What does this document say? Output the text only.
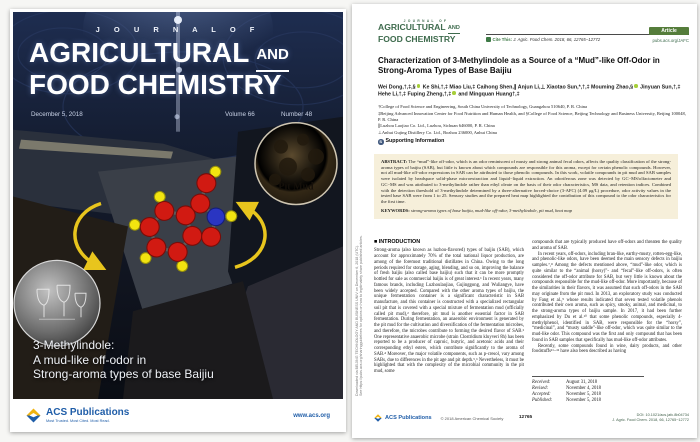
Pit Mud
J O U R N A L O F
AGRICULTURAL AND
FOOD CHEMISTRY
December 5, 2018	Volume 66	Number 48
3-Methylindole:
A mud-like off-odor in
Strong-aroma types of base Baijiu
ACS Publications
Most Trusted. Most Cited. Most Read.
www.acs.org
Downloaded via BEIJING TECHNOLOGY AND BUSINESS UNIV on December 6, 2018 (UTC). See https://pubs.acs.org/sharingguidelines for options on how to legitimately share published articles.
JOURNAL OF
AGRICULTURAL AND
FOOD CHEMISTRY	Cite This: J. Agric. Food Chem. 2018, 66, 12765−12772
Article
pubs.acs.org/JAFC
Characterization of 3-Methylindole as a Source of a “Mud”-like Off-Odor in Strong-Aroma Types of Base Baijiu
Wei Dong,†,‡,§ Ke Shi,†,‡ Miao Liu,‡ Caihong Shen,∥ Anjun Li,⊥ Xiaotao Sun,*,†,‡ Mouming Zhao,§ Jinyuan Sun,†,‡ Hehe Li,†,‡ Fuping Zheng,†,‡ and Mingquan Huang†,‡
†College of Food Science and Engineering, South China University of Technology, Guangzhou 510640, P. R. China
‡Beijing Advanced Innovation Center for Food Nutrition and Human Health, and §College of Food Science, Beijing Technology and Business University, Beijing 100048, P. R. China
∥Luzhou Laojiao Co. Ltd., Luzhou, Sichuan 646000, P. R. China
⊥Anhui Gujing Distillery Co. Ltd., Bozhou 236000, Anhui China
S Supporting Information
ABSTRACT: The “mud”-like off-odor, which is an odor reminiscent of musty and strong animal fecal odors, affects the quality classification of the strong-aroma types of baijiu (SAB), but little is known about which compounds are responsible for this aroma, except for certain phenolic compounds. However, not all mud-like off-odor expressions in SAB can be attributed to those phenolic compounds. In this work, volatile compounds in pit mud and SAB samples were isolated by headspace solid-phase microextraction and liquid−liquid extraction. An odoriferous zone was detected by GC−MS/olfactometer and GC−MS and was attributed to 3-methylindole rather than ethyl oleate on the basis of their odor characteristics, MS data, and retention indices. Combined with the detection threshold of 3-methylindole determined by a three-alternative forced-choice (3-AFC) (4.09 μg/L) procedure, odor activity values in the tested base SAB were from 1 to 25. Sensory studies and the prepared heat map highlighted the contribution of this compound to the odor characteristics for the first time.
KEYWORDS: strong-aroma types of base baijiu, mud-like off-odor, 3-methylindole, pit mud, heat map
■ INTRODUCTION

Strong-aroma (also known as luzhou-flavored) types of baijiu (SAB), which account for approximately 70% of the total national liquor production, are among of the foremost traditional distillates in China. Owing to the long periods required for storage, aging, blending, and so on, improving the balance of fresh baijiu (also called base baijiu) such that it can be more promptly bottled for sale as commercial baijiu is of great interest.¹ In recent years, many famous brands, including Luzhoulaojiao, Gujinggong, and Wuliangye, have been widely accepted. Compared with the other aroma types of baijiu, the unique fermentation container is a significant characteristic in SAB manufacture, and this container is constructed with a specialized rectangular soil pit that is covered with a special mixture of fermentation mud (officially called pit mud),² therefore, pit mud is another essential factor in SAB fermentation. During fermentation, an anaerobic environment is generated by the pit mud for the cultivation and diversification of the fermentation microbes, and therefore, the microbes contribute to forming the desired flavor of SAB.³ One representative anaerobic microbe (strain Clostridium kluyveri 8h) has been reported to be a producer of caproic, butyric, and acetonic acids and their corresponding ethyl esters, which contribute significantly to the aroma of SAB.⁴ Moreover, the major volatile components, such as p-cresol, vary among SABs, due to differences in the pit age and pit depth.⁵,⁶ Nevertheless, it must be highlighted that with the complexity of the microbial community in the pit mud, some

compounds that are typically produced have off-odors and threaten the quality and aroma of SAB.

In recent years, off-odors, including bran-like, earthy-musty, rotten-egg-like, and phenolic-like odors, have been deemed the main sensory defects in baijiu samples.⁷,⁸ Among the defects mentioned above, “mud”-like odor, which is quite similar to the “animal (horsy)”- and “fecal”-like off-odors, is often considered the off-odor attribute for SAB, but very little is known about the compounds responsible for the mud-like off-odor. More importantly, because of the similarities in their flavors, it was assumed that such off-odors in the SAB may originate from the pit mud. In 2013, an exploratory study was conducted by Fang et al.,⁹ whose results indicated that seven tested volatile phenols contributed their own aroma, such as spicy, smoky, animal, and medicinal, to the strong-aroma types of baijiu sample. In 2017, it had been further emphasized by Du et al.¹⁰ that some phenolic compounds, especially 4-methylphenol, identified in SAB, were responsible for the “horsy”, “medicinal”, and “musty saddle”-like off-odor, which was quite similar to the mud-like odor. This compound was the first and only compound that has been found in SAB samples that specifically has mud-like off-odor attributes.

Recently, some compounds found in wine, dairy products, and other foodstuffs¹¹−¹³ have also been described as having

Received:	August 31, 2018
Revised:	November 4, 2018
Accepted:	November 5, 2018
Published:	November 5, 2018
ACS Publications © 2018 American Chemical Society	12765	DOI: 10.1021/acs.jafc.8b04734
J. Agric. Food Chem. 2018, 66, 12765−12772
